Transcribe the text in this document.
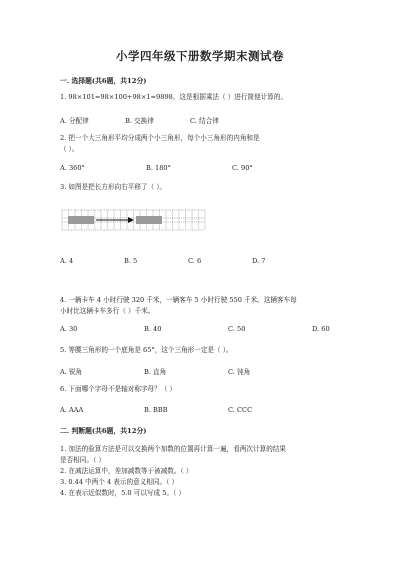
小学四年级下册数学期末测试卷
一. 选择题(共6题，共12分)
1. 98×101=98×100+98×1=9898，这是根据乘法（ ）进行简便计算的。
A. 分配律	B. 交换律	C. 结合律
2. 把一个大三角形平均分成两个小三角形，每个小三角形的内角和是
（ ）。
A. 360°	B. 180°	C. 90°
3. 如图是把长方形向右平移了（ ）。
A. 4	B. 5	C. 6	D. 7
4. 一辆卡车 4 小时行驶 320 千米，一辆客车 5 小时行驶 550 千米。这辆客车每
小时比这辆卡车多行（ ）千米。
A. 30	B. 40	C. 50	D. 60
5. 等腰三角形的一个底角是 65°，这个三角形一定是（ ）。
A. 锐角	B. 直角	C. 钝角
6. 下面哪个字母不是轴对称字母？（ ）
A. AAA	B. BBB	C. CCC
二. 判断题(共6题，共12分)
1. 加法的验算方法是可以交换两个加数的位置再计算一遍，看两次计算的结果
是否相同。（ ）
2. 在减法运算中，差加减数等于被减数。（ ）
3. 0.44 中两个 4 表示的意义相同。（ ）
4. 在表示近似数时，5.0 可以写成 5。（ ）
